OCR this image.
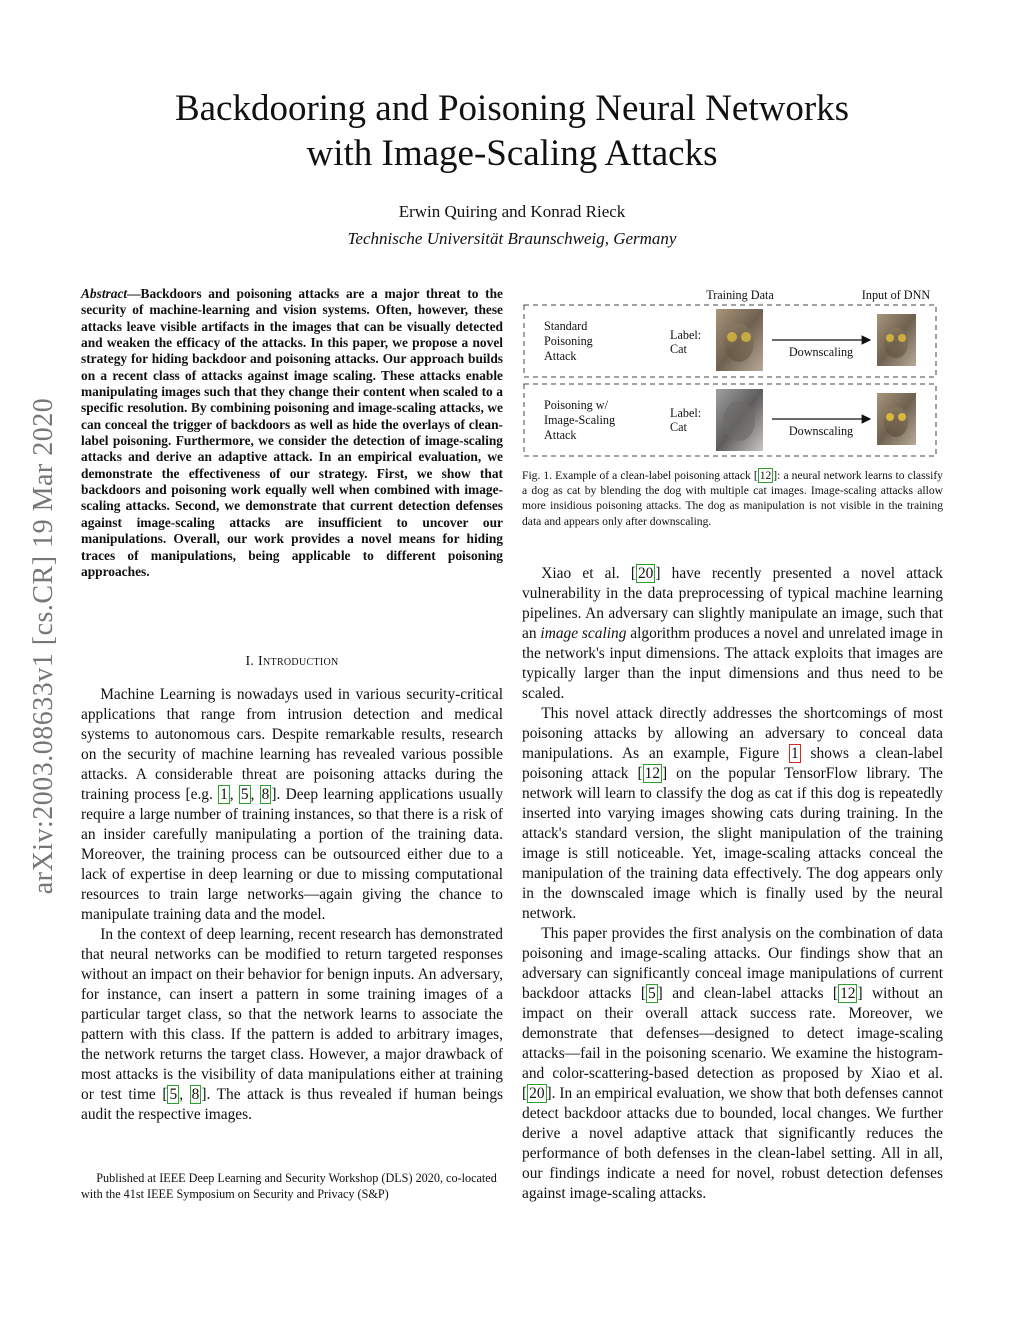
Backdooring and Poisoning Neural Networks
with Image-Scaling Attacks
Erwin Quiring and Konrad Rieck
Technische Universität Braunschweig, Germany
arXiv:2003.08633v1 [cs.CR] 19 Mar 2020
Abstract—Backdoors and poisoning attacks are a major threat to the security of machine-learning and vision systems. Often, however, these attacks leave visible artifacts in the images that can be visually detected and weaken the efficacy of the attacks. In this paper, we propose a novel strategy for hiding backdoor and poisoning attacks. Our approach builds on a recent class of attacks against image scaling. These attacks enable manipulating images such that they change their content when scaled to a specific resolution. By combining poisoning and image-scaling attacks, we can conceal the trigger of backdoors as well as hide the overlays of clean-label poisoning. Furthermore, we consider the detection of image-scaling attacks and derive an adaptive attack. In an empirical evaluation, we demonstrate the effectiveness of our strategy. First, we show that backdoors and poisoning work equally well when combined with image-scaling attacks. Second, we demonstrate that current detection defenses against image-scaling attacks are insufficient to uncover our manipulations. Overall, our work provides a novel means for hiding traces of manipulations, being applicable to different poisoning approaches.
I. Introduction

Machine Learning is nowadays used in various security-critical applications that range from intrusion detection and medical systems to autonomous cars. Despite remarkable results, research on the security of machine learning has revealed various possible attacks. A considerable threat are poisoning attacks during the training process [e.g. 1 , 5 , 8 ]. Deep learning applications usually require a large number of training instances, so that there is a risk of an insider carefully manipulating a portion of the training data. Moreover, the training process can be outsourced either due to a lack of expertise in deep learning or due to missing computational resources to train large networks—again giving the chance to manipulate training data and the model.

In the context of deep learning, recent research has demonstrated that neural networks can be modified to return targeted responses without an impact on their behavior for benign inputs. An adversary, for instance, can insert a pattern in some training images of a particular target class, so that the network learns to associate the pattern with this class. If the pattern is added to arbitrary images, the network returns the target class. However, a major drawback of most attacks is the visibility of data manipulations either at training or test time [ 5 , 8 ]. The attack is thus revealed if human beings audit the respective images.

Published at IEEE Deep Learning and Security Workshop (DLS) 2020, co-located with the 41st IEEE Symposium on Security and Privacy (S&P)
Training Data	Input of DNN
Standard
Poisoning
Attack
Label:
Cat	Downscaling
Poisoning w/
Image-Scaling
Attack
Label:
Cat	Downscaling
Fig. 1. Example of a clean-label poisoning attack [ 12 ]: a neural network learns to classify a dog as cat by blending the dog with multiple cat images. Image-scaling attacks allow more insidious poisoning attacks. The dog as manipulation is not visible in the training data and appears only after downscaling.

Xiao et al. [ 20 ] have recently presented a novel attack vulnerability in the data preprocessing of typical machine learning pipelines. An adversary can slightly manipulate an image, such that an image scaling algorithm produces a novel and unrelated image in the network's input dimensions. The attack exploits that images are typically larger than the input dimensions and thus need to be scaled.

This novel attack directly addresses the shortcomings of most poisoning attacks by allowing an adversary to conceal data manipulations. As an example, Figure 1 shows a clean-label poisoning attack [ 12 ] on the popular TensorFlow library. The network will learn to classify the dog as cat if this dog is repeatedly inserted into varying images showing cats during training. In the attack's standard version, the slight manipulation of the training image is still noticeable. Yet, image-scaling attacks conceal the manipulation of the training data effectively. The dog appears only in the downscaled image which is finally used by the neural network.

This paper provides the first analysis on the combination of data poisoning and image-scaling attacks. Our findings show that an adversary can significantly conceal image manipulations of current backdoor attacks [ 5 ] and clean-label attacks [ 12 ] without an impact on their overall attack success rate. Moreover, we demonstrate that defenses—designed to detect image-scaling attacks—fail in the poisoning scenario. We examine the histogram- and color-scattering-based detection as proposed by Xiao et al. [ 20 ]. In an empirical evaluation, we show that both defenses cannot detect backdoor attacks due to bounded, local changes. We further derive a novel adaptive attack that significantly reduces the performance of both defenses in the clean-label setting. All in all, our findings indicate a need for novel, robust detection defenses against image-scaling attacks.
